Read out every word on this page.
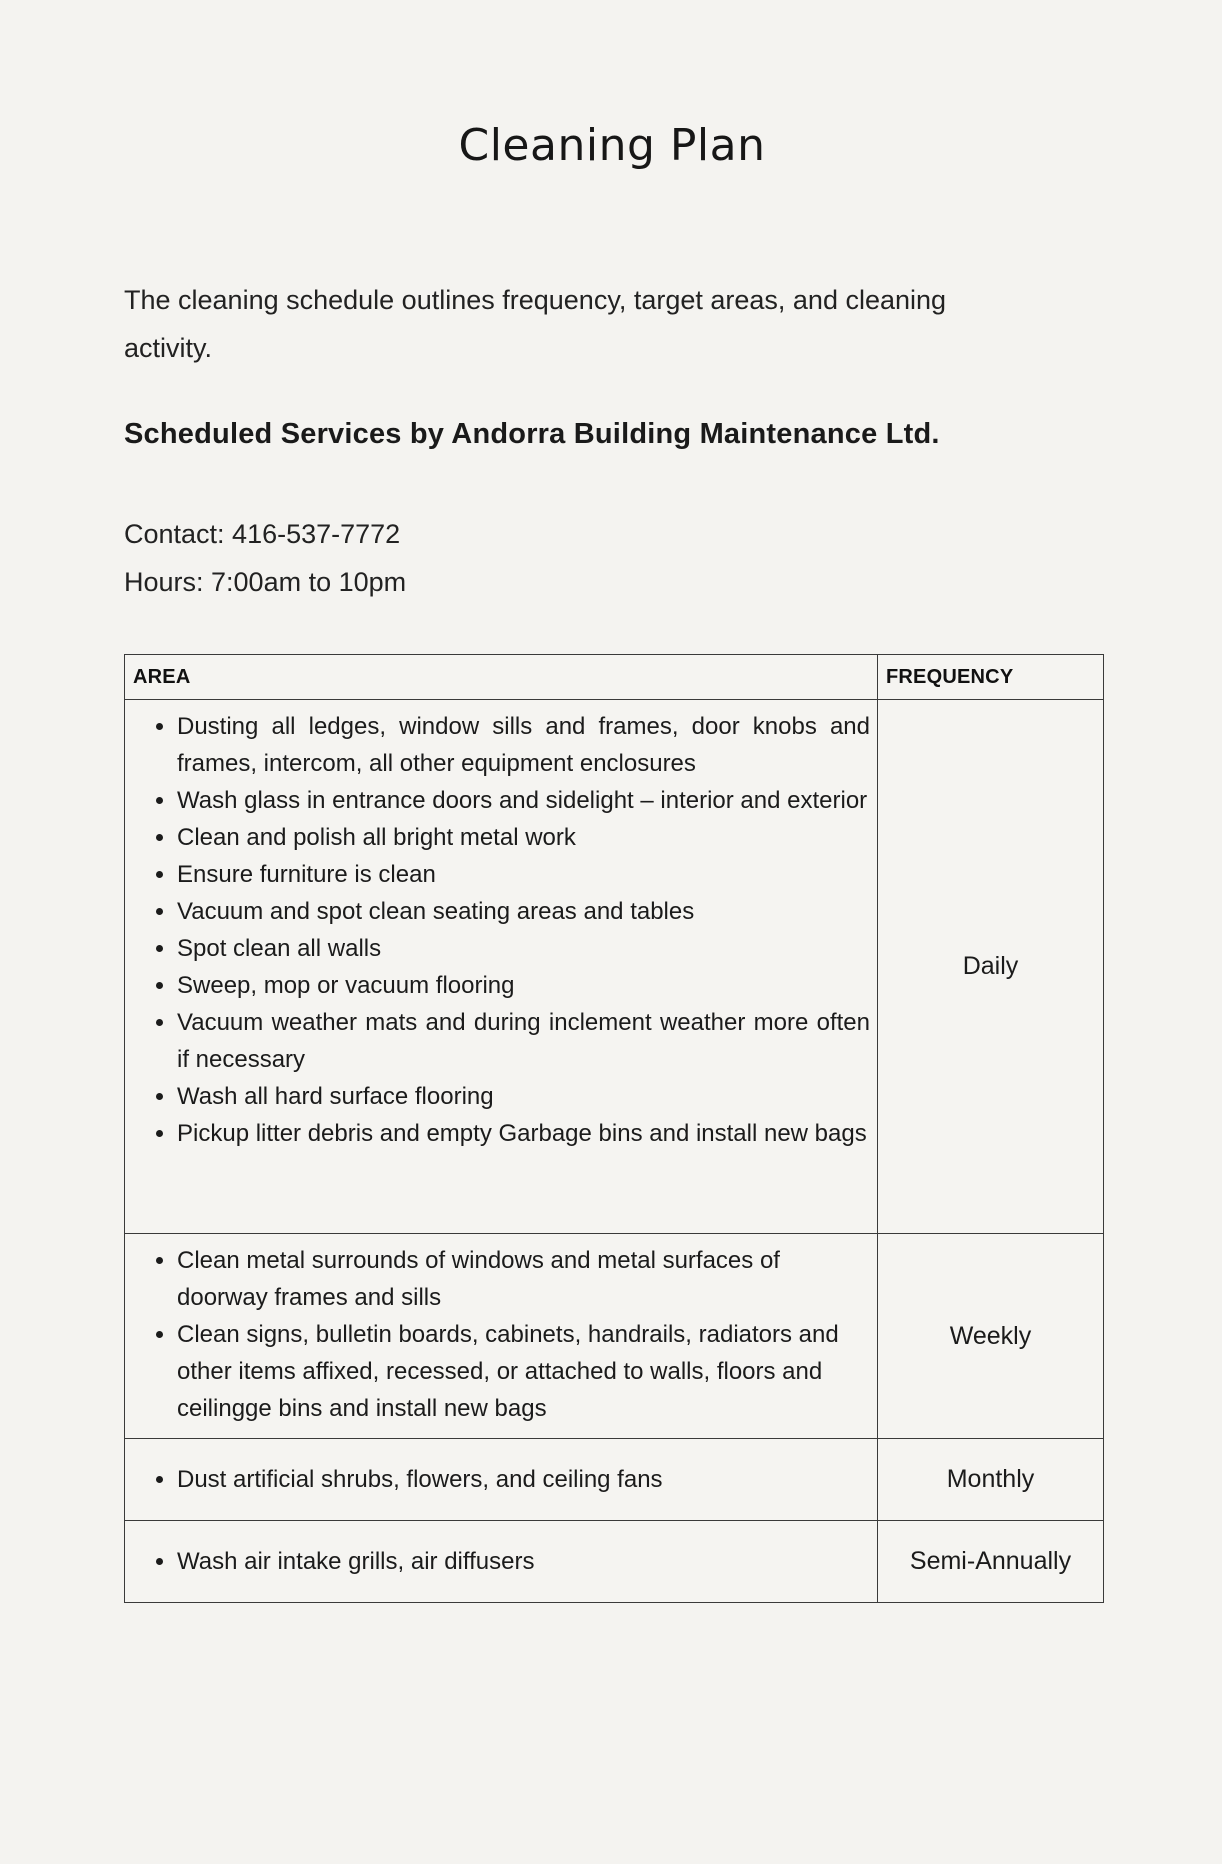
Cleaning Plan

The cleaning schedule outlines frequency, target areas, and cleaning activity.

Scheduled Services by Andorra Building Maintenance Ltd.
Contact: 416-537-7772
Hours: 7:00am to 10pm
AREA	FREQUENCY

• Dusting all ledges, window sills and frames, door knobs and frames, intercom, all other equipment enclosures
• Wash glass in entrance doors and sidelight – interior and exterior
• Clean and polish all bright metal work
• Ensure furniture is clean
• Vacuum and spot clean seating areas and tables
• Spot clean all walls
• Sweep, mop or vacuum flooring
• Vacuum weather mats and during inclement weather more often if necessary
• Wash all hard surface flooring
• Pickup litter debris and empty Garbage bins and install new bags
	Daily

• Clean metal surrounds of windows and metal surfaces of doorway frames and sills
• Clean signs, bulletin boards, cabinets, handrails, radiators and other items affixed, recessed, or attached to walls, floors and ceilingge bins and install new bags
	Weekly

• Dust artificial shrubs, flowers, and ceiling fans	Monthly

• Wash air intake grills, air diffusers	Semi-Annually
